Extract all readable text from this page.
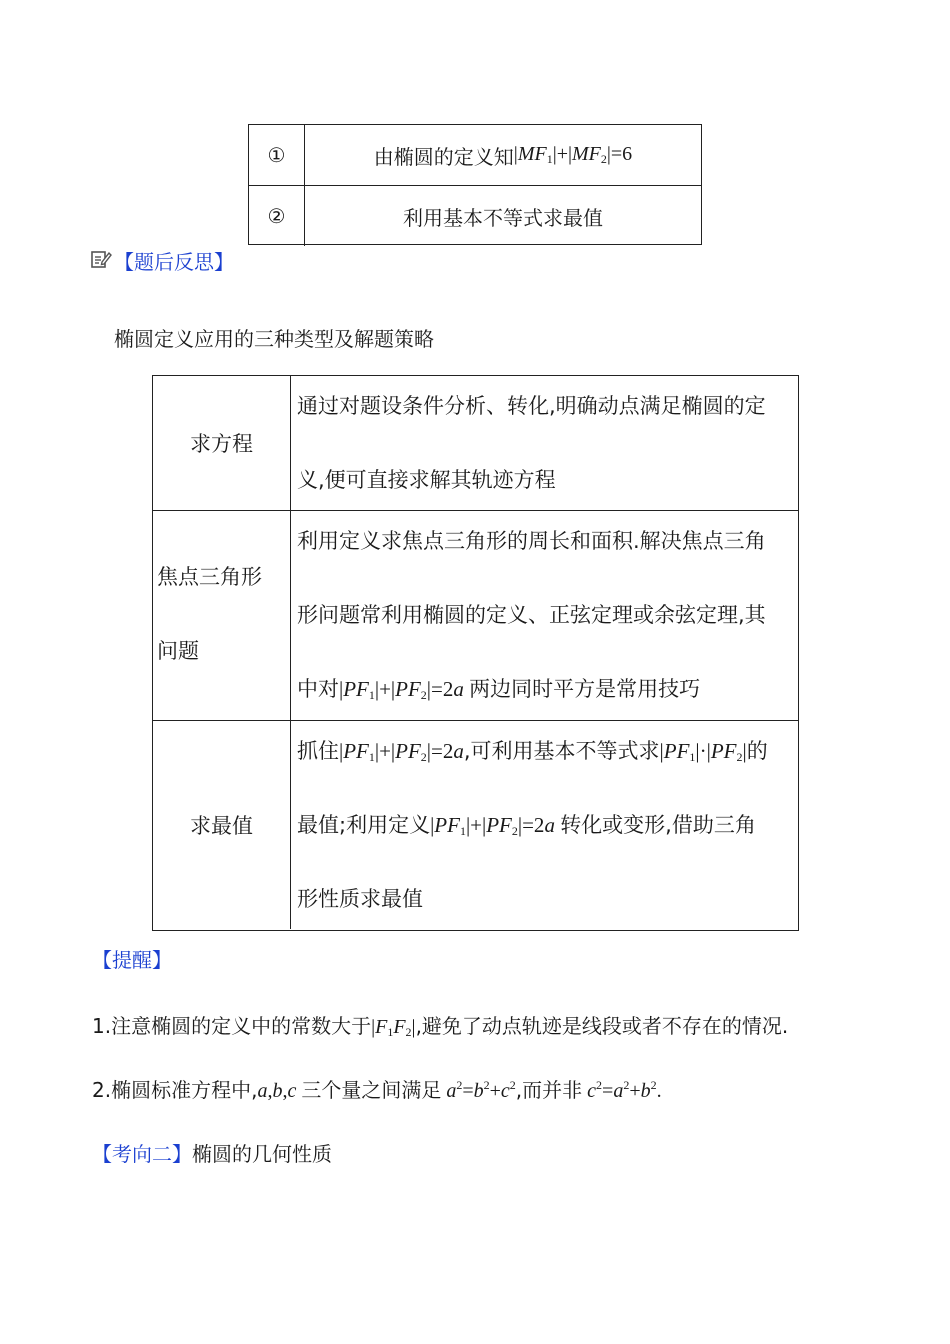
①	由椭圆的定义知 $|MF_1|+|MF_2|=6$
②	利用基本不等式求最值
【题后反思】
椭圆定义应用的三种类型及解题策略
求方程
通过对题设条件分析、转化,明确动点满足椭圆的定
义,便可直接求解其轨迹方程
焦点三角形
问题
利用定义求焦点三角形的周长和面积.解决焦点三角
形问题常利用椭圆的定义、正弦定理或余弦定理,其
中对$|PF_1|+|PF_2|=2a$ 两边同时平方是常用技巧
求最值
抓住$|PF_1|+|PF_2|=2a$,可利用基本不等式求$|PF_1|\cdot|PF_2|$的
最值;利用定义$|PF_1|+|PF_2|=2a$ 转化或变形,借助三角
形性质求最值
【提醒】
1.注意椭圆的定义中的常数大于$|F_1F_2|$,避免了动点轨迹是线段或者不存在的情况.
2.椭圆标准方程中,a,b,c 三个量之间满足 $a^2=b^2+c^2$,而并非 $c^2=a^2+b^2$.
【考向二】椭圆的几何性质
